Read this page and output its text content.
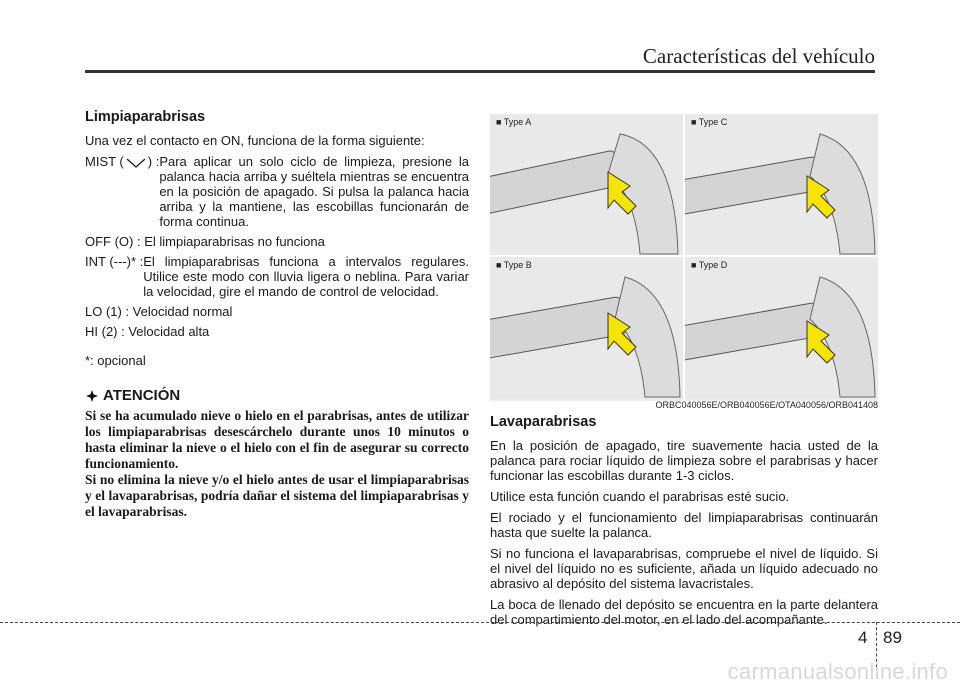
Características del vehículo
Limpiaparabrisas

Una vez el contacto en ON, funciona de la forma siguiente:

MIST ( ) : Para aplicar un solo ciclo de limpieza, presione la palanca hacia arriba y suéltela mientras se encuentra en la posición de apagado. Si pulsa la palanca hacia arriba y la mantiene, las escobillas funcionarán de forma continua.

OFF (O) : El limpiaparabrisas no funciona

INT (---)* : El limpiaparabrisas funciona a intervalos regulares. Utilice este modo con lluvia ligera o neblina. Para variar la velocidad, gire el mando de control de velocidad.

LO (1) : Velocidad normal

HI (2) : Velocidad alta

*: opcional

ATENCIÓN

Si se ha acumulado nieve o hielo en el parabrisas, antes de utilizar los limpiaparabrisas desescárchelo durante unos 10 minutos o hasta eliminar la nieve o el hielo con el fin de asegurar su correcto funcionamiento.

Si no elimina la nieve y/o el hielo antes de usar el limpiaparabrisas y el lavaparabrisas, podría dañar el sistema del limpiaparabrisas y el lavaparabrisas.

■ Type A	■ Type C
■ Type B	■ Type D
ORBC040056E/ORB040056E/OTA040056/ORB041408
Lavaparabrisas

En la posición de apagado, tire suavemente hacia usted de la palanca para rociar líquido de limpieza sobre el parabrisas y hacer funcionar las escobillas durante 1-3 ciclos.

Utilice esta función cuando el parabrisas esté sucio.

El rociado y el funcionamiento del limpiaparabrisas continuarán hasta que suelte la palanca.

Si no funciona el lavaparabrisas, compruebe el nivel de líquido. Si el nivel del líquido no es suficiente, añada un líquido adecuado no abrasivo al depósito del sistema lavacristales.

La boca de llenado del depósito se encuentra en la parte delantera del compartimiento del motor, en el lado del acompañante.

4 89
carmanualsonline.info
